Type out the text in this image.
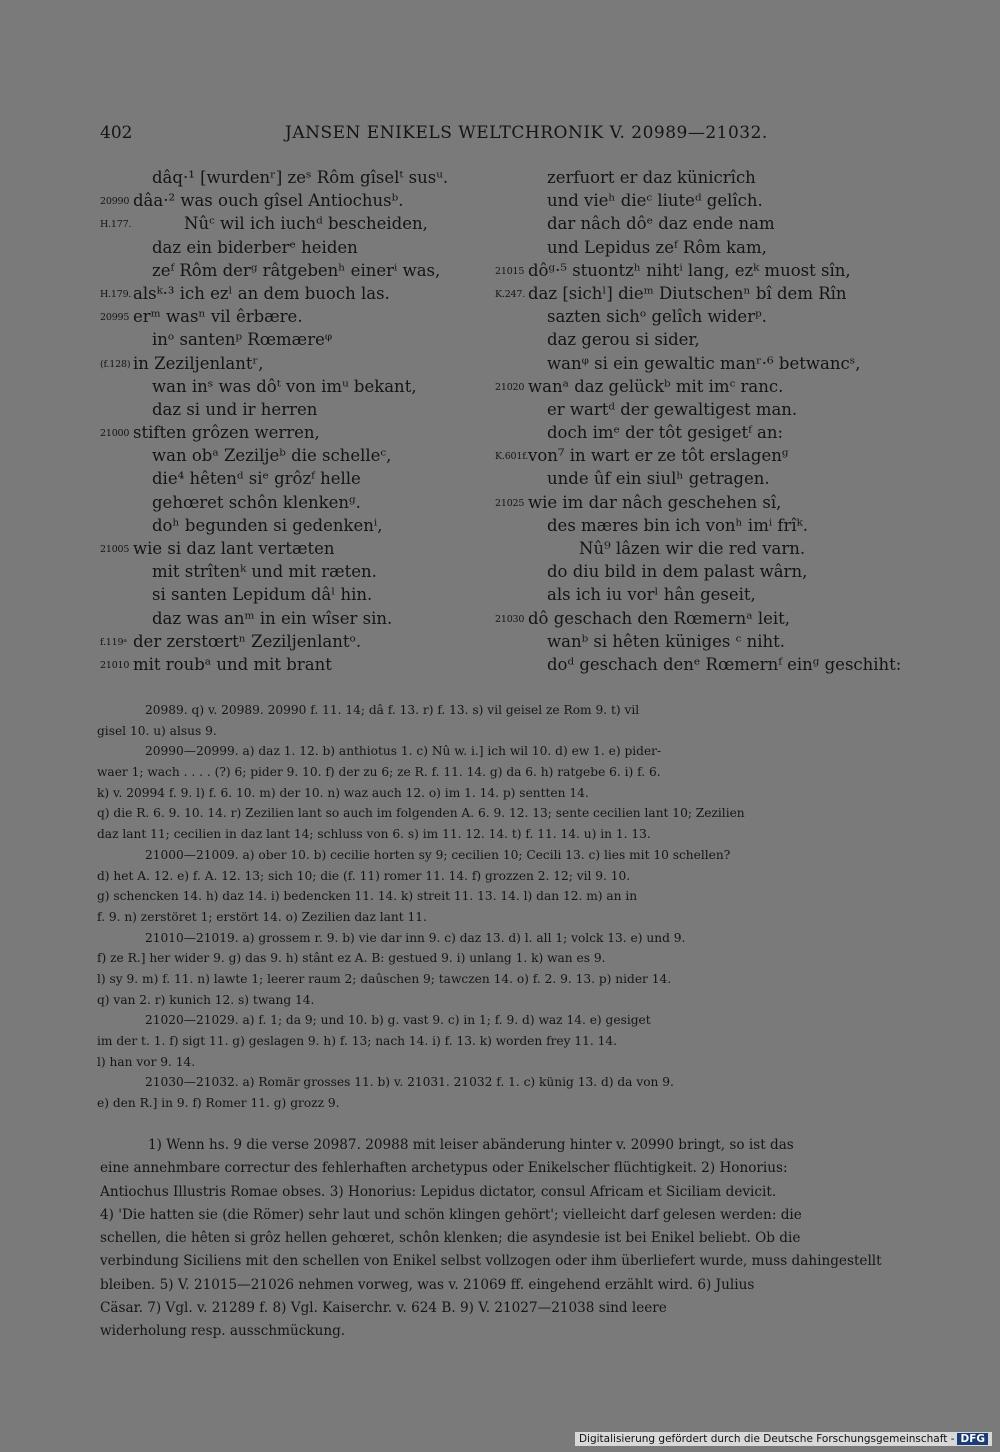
402	JANSEN ENIKELS WELTCHRONIK V. 20989—21032.
dâq·¹ [wurdenʳ] zeˢ Rôm gîselᵗ susᵘ.
20990 dâa·² was ouch gîsel Antiochusᵇ.
H.177.	Nûᶜ wil ich iuchᵈ bescheiden,
daz ein biderberᵉ heiden
zeᶠ Rôm derᵍ râtgebenʰ einerⁱ was,
H.179. alsᵏ·³ ich ezˡ an dem buoch las.
20995 erᵐ wasⁿ vil êrbære.
inᵒ santenᵖ Rœmæreᵠ
(f.128) in Zeziljenlantʳ,
wan inˢ was dôᵗ von imᵘ bekant,
daz si und ir herren
21000 stiften grôzen werren,
wan obᵃ Zeziljeᵇ die schelleᶜ,
die⁴ hêtenᵈ siᵉ grôzᶠ helle
gehœret schôn klenkenᵍ.
doʰ begunden si gedenkenⁱ,
21005 wie si daz lant vertæten
mit strîtenᵏ und mit ræten.
si santen Lepidum dâˡ hin.
daz was anᵐ in ein wîser sin.
f.119ᵃ der zerstœrtⁿ Zeziljenlantᵒ.
21010 mit roubᵃ und mit brant
zerfuort er daz künicrîch
und vieʰ dieᶜ liuteᵈ gelîch.
dar nâch dôᵉ daz ende nam
und Lepidus zeᶠ Rôm kam,
21015 dôᵍ·⁵ stuontzʰ nihtⁱ lang, ezᵏ muost sîn,
K.247. daz [sichˡ] dieᵐ Diutschenⁿ bî dem Rîn
sazten sichᵒ gelîch widerᵖ.
daz gerou si sider,
wanᵠ si ein gewaltic manʳ·⁶ betwancˢ,
21020 wanᵃ daz gelückᵇ mit imᶜ ranc.
er wartᵈ der gewaltigest man.
doch imᵉ der tôt gesigetᶠ an:
K.601f. von⁷ in wart er ze tôt erslagenᵍ
unde ûf ein siulʰ getragen.
21025 wie im dar nâch geschehen sî,
des mæres bin ich vonʰ imⁱ frîᵏ.
Nû⁹ lâzen wir die red varn.
do diu bild in dem palast wârn,
als ich iu vorˡ hân geseit,
21030 dô geschach den Rœmernᵃ leit,
wanᵇ si hêten küniges ᶜ niht.
doᵈ geschach denᵉ Rœmernᶠ einᵍ geschiht:
20989. q) v. 20989. 20990 f. 11. 14; dâ f. 13. r) f. 13. s) vil geisel ze Rom 9. t) vil
gisel 10. u) alsus 9.
20990—20999. a) daz 1. 12. b) anthiotus 1. c) Nû w. i.] ich wil 10. d) ew 1. e) pider-
waer 1; wach . . . . (?) 6; pider 9. 10. f) der zu 6; ze R. f. 11. 14. g) da 6. h) ratgebe 6. i) f. 6.
k) v. 20994 f. 9. l) f. 6. 10. m) der 10. n) waz auch 12. o) im 1. 14. p) sentten 14.
q) die R. 6. 9. 10. 14. r) Zezilien lant so auch im folgenden A. 6. 9. 12. 13; sente cecilien lant 10; Zezilien
daz lant 11; cecilien in daz lant 14; schluss von 6. s) im 11. 12. 14. t) f. 11. 14. u) in 1. 13.
21000—21009. a) ober 10. b) cecilie horten sy 9; cecilien 10; Cecili 13. c) lies mit 10 schellen?
d) het A. 12. e) f. A. 12. 13; sich 10; die (f. 11) romer 11. 14. f) grozzen 2. 12; vil 9. 10.
g) schencken 14. h) daz 14. i) bedencken 11. 14. k) streit 11. 13. 14. l) dan 12. m) an in
f. 9. n) zerstöret 1; erstört 14. o) Zezilien daz lant 11.
21010—21019. a) grossem r. 9. b) vie dar inn 9. c) daz 13. d) l. all 1; volck 13. e) und 9.
f) ze R.] her wider 9. g) das 9. h) stânt ez A. B: gestued 9. i) unlang 1. k) wan es 9.
l) sy 9. m) f. 11. n) lawte 1; leerer raum 2; daûschen 9; tawczen 14. o) f. 2. 9. 13. p) nider 14.
q) van 2. r) kunich 12. s) twang 14.
21020—21029. a) f. 1; da 9; und 10. b) g. vast 9. c) in 1; f. 9. d) waz 14. e) gesiget
im der t. 1. f) sigt 11. g) geslagen 9. h) f. 13; nach 14. i) f. 13. k) worden frey 11. 14.
l) han vor 9. 14.
21030—21032. a) Romär grosses 11. b) v. 21031. 21032 f. 1. c) künig 13. d) da von 9.
e) den R.] in 9. f) Romer 11. g) grozz 9.
1) Wenn hs. 9 die verse 20987. 20988 mit leiser abänderung hinter v. 20990 bringt, so ist das
eine annehmbare correctur des fehlerhaften archetypus oder Enikelscher flüchtigkeit. 2) Honorius:
Antiochus Illustris Romae obses. 3) Honorius: Lepidus dictator, consul Africam et Siciliam devicit.
4) 'Die hatten sie (die Römer) sehr laut und schön klingen gehört'; vielleicht darf gelesen werden: die
schellen, die hêten si grôz hellen gehœret, schôn klenken; die asyndesie ist bei Enikel beliebt. Ob die
verbindung Siciliens mit den schellen von Enikel selbst vollzogen oder ihm überliefert wurde, muss dahingestellt
bleiben. 5) V. 21015—21026 nehmen vorweg, was v. 21069 ff. eingehend erzählt wird. 6) Julius
Cäsar. 7) Vgl. v. 21289 f. 8) Vgl. Kaiserchr. v. 624 B. 9) V. 21027—21038 sind leere
widerholung resp. ausschmückung.
Digitalisierung gefördert durch die Deutsche Forschungsgemeinschaft - DFG
